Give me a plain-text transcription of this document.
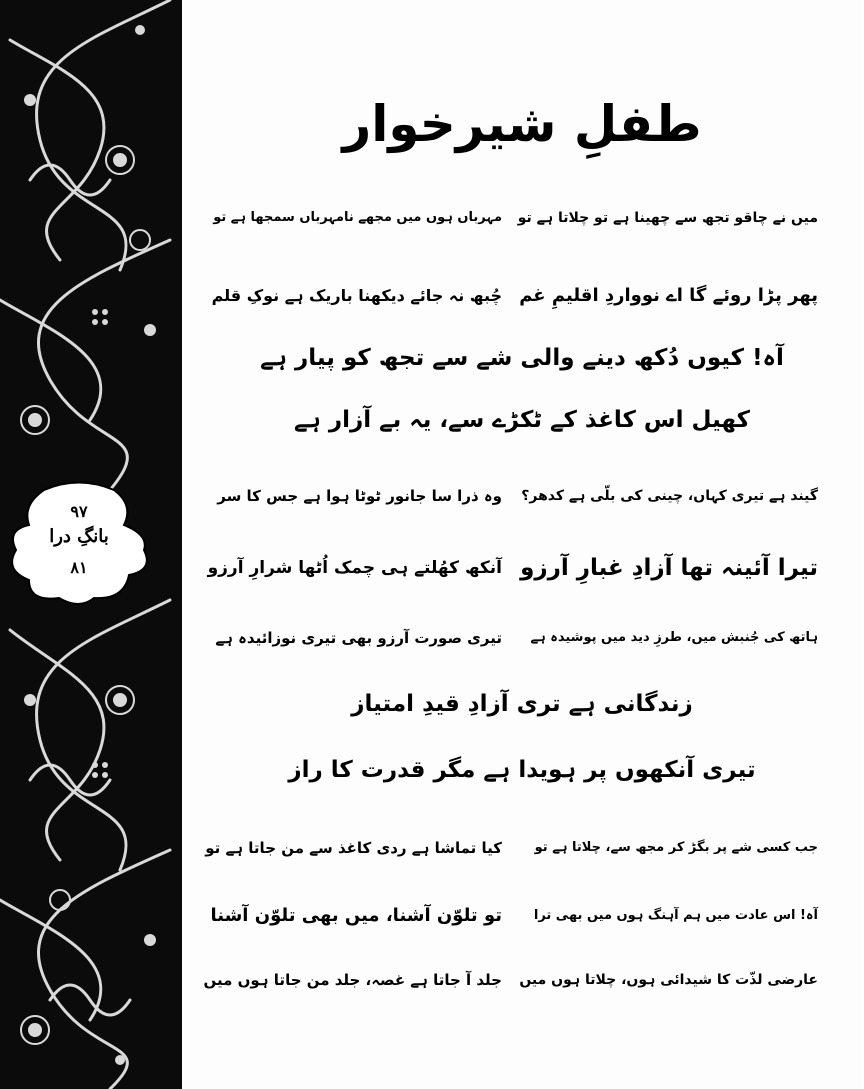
۹۷
بانگِ درا
۸۱
طفلِ شیرخوار
میں نے چاقو تجھ سے چھینا ہے تو چلاتا ہے تو
مہرباں ہوں میں مجھے نامہرباں سمجھا ہے تو
پھر پڑا روئے گا اے نوواردِ اقلیمِ غم
چُبھ نہ جائے دیکھنا باریک ہے نوکِ قلم
آہ! کیوں دُکھ دینے والی شے سے تجھ کو پیار ہے
کھیل اس کاغذ کے ٹکڑے سے، یہ بے آزار ہے
گیند ہے تیری کہاں، چینی کی بلّی ہے کدھر؟
وہ ذرا سا جانور ٹوٹا ہوا ہے جس کا سر
تیرا آئینہ تھا آزادِ غبارِ آرزو
آنکھ کھُلتے ہی چمک اُٹھا شرارِ آرزو
ہاتھ کی جُنبش میں، طرزِ دید میں پوشیدہ ہے
تیری صورت آرزو بھی تیری نوزائیدہ ہے
زندگانی ہے تری آزادِ قیدِ امتیاز
تیری آنکھوں پر ہویدا ہے مگر قدرت کا راز
جب کسی شے پر بگڑ کر مجھ سے، چلاتا ہے تو
کیا تماشا ہے ردی کاغذ سے من جاتا ہے تو
آہ! اس عادت میں ہم آہنگ ہوں میں بھی ترا
تو تلوّن آشنا، میں بھی تلوّن آشنا
عارضی لذّت کا شیدائی ہوں، چلاتا ہوں میں
جلد آ جاتا ہے غصہ، جلد من جاتا ہوں میں
